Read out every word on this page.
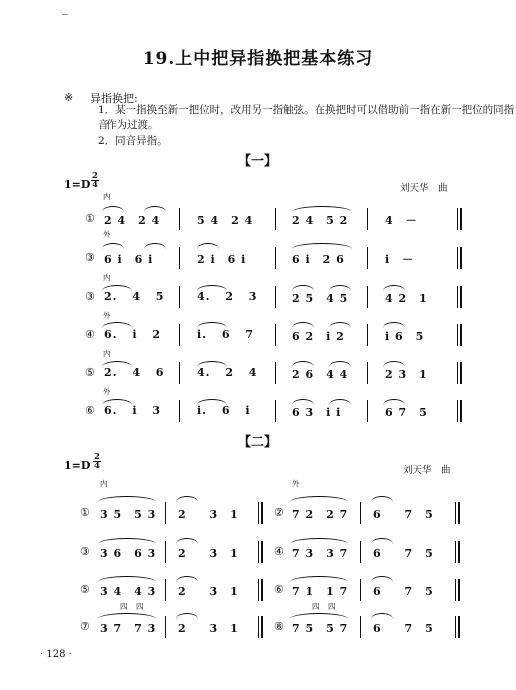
19.上中把异指换把基本练习
※ 异指换把:
1．某一指换至新一把位时，改用另一指触弦。在换把时可以借助前一指在新一把位的同指音
作为过渡。
2．同音异指。
【一】
1=D
2
4	刘天华　曲
内
① 2 4　2 4	5 4　2 4	2 4　5 2	4　－
外
③ 6 i　6 i	2 i　6 i	6 i　2 6	i　－
内
③ 2. 4 5	4. 2 3	2 5　4 5	4 2　1
外
④ 6. i 2	i. 6 7	6 2　i 2	i 6　5
内
⑤ 2. 4 6	4. 2 4	2 6　4 4	2 3　1
外
⑥ 6. i 3	i. 6 i	6 3　i i	6 7　5
【二】
1=D
2
4	刘天华　曲
内	外
① 3 5　5 3 2 3　1	② 7 2　2 7 6 7　5
③ 3 6　6 3 2 3　1	④ 7 3　3 7 6 7　5
⑤ 3 4　4 3 2 3　1	⑥ 7 1　1 7 6 7　5
四 四	四 四
⑦ 3 7　7 3 2 3　1	⑧ 7 5　5 7 6 7　5
· 128 ·
